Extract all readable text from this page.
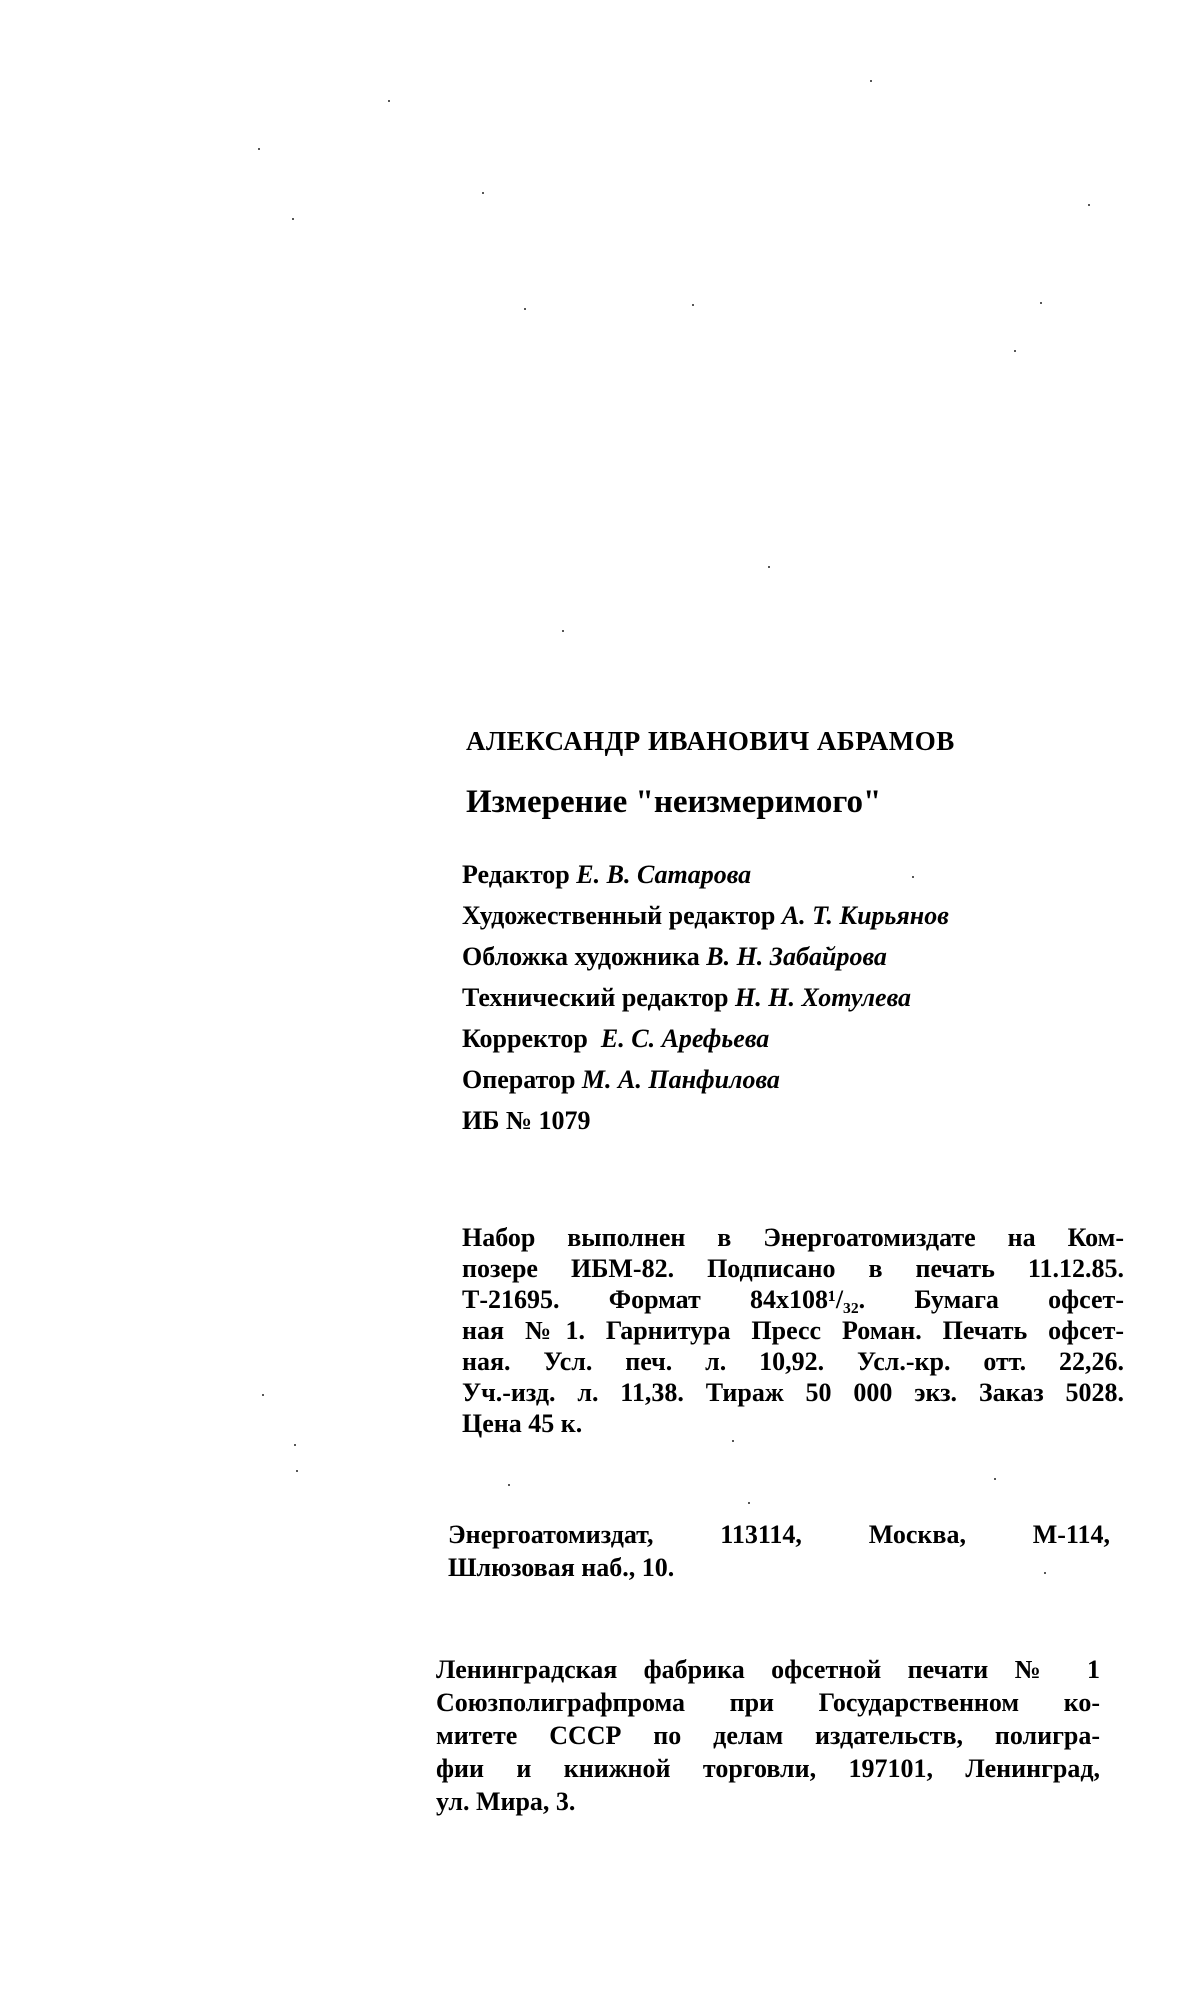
АЛЕКСАНДР ИВАНОВИЧ АБРАМОВ
Измерение "неизмеримого"
Редактор Е. В. Сатарова
Художественный редактор А. Т. Кирьянов
Обложка художника В. Н. Забайрова
Технический редактор Н. Н. Хотулева
Корректор Е. С. Арефьева
Оператор М. А. Панфилова
ИБ № 1079
Набор выполнен в Энергоатомиздате на Ком-
позере ИБМ-82. Подписано в печать 11.12.85.
Т-21695. Формат 84х108¹/₃₂. Бумага офсет-
ная №1. Гарнитура Пресс Роман. Печать офсет-
ная. Усл. печ. л. 10,92. Усл.-кр. отт. 22,26.
Уч.-изд. л. 11,38. Тираж 50 000 экз. Заказ 5028.
Цена 45 к.
Энергоатомиздат, 113114, Москва, М-114,
Шлюзовая наб., 10.
Ленинградская фабрика офсетной печати № 1
Союзполиграфпрома при Государственном ко-
митете СССР по делам издательств, полигра-
фии и книжной торговли, 197101, Ленинград,
ул. Мира, 3.
